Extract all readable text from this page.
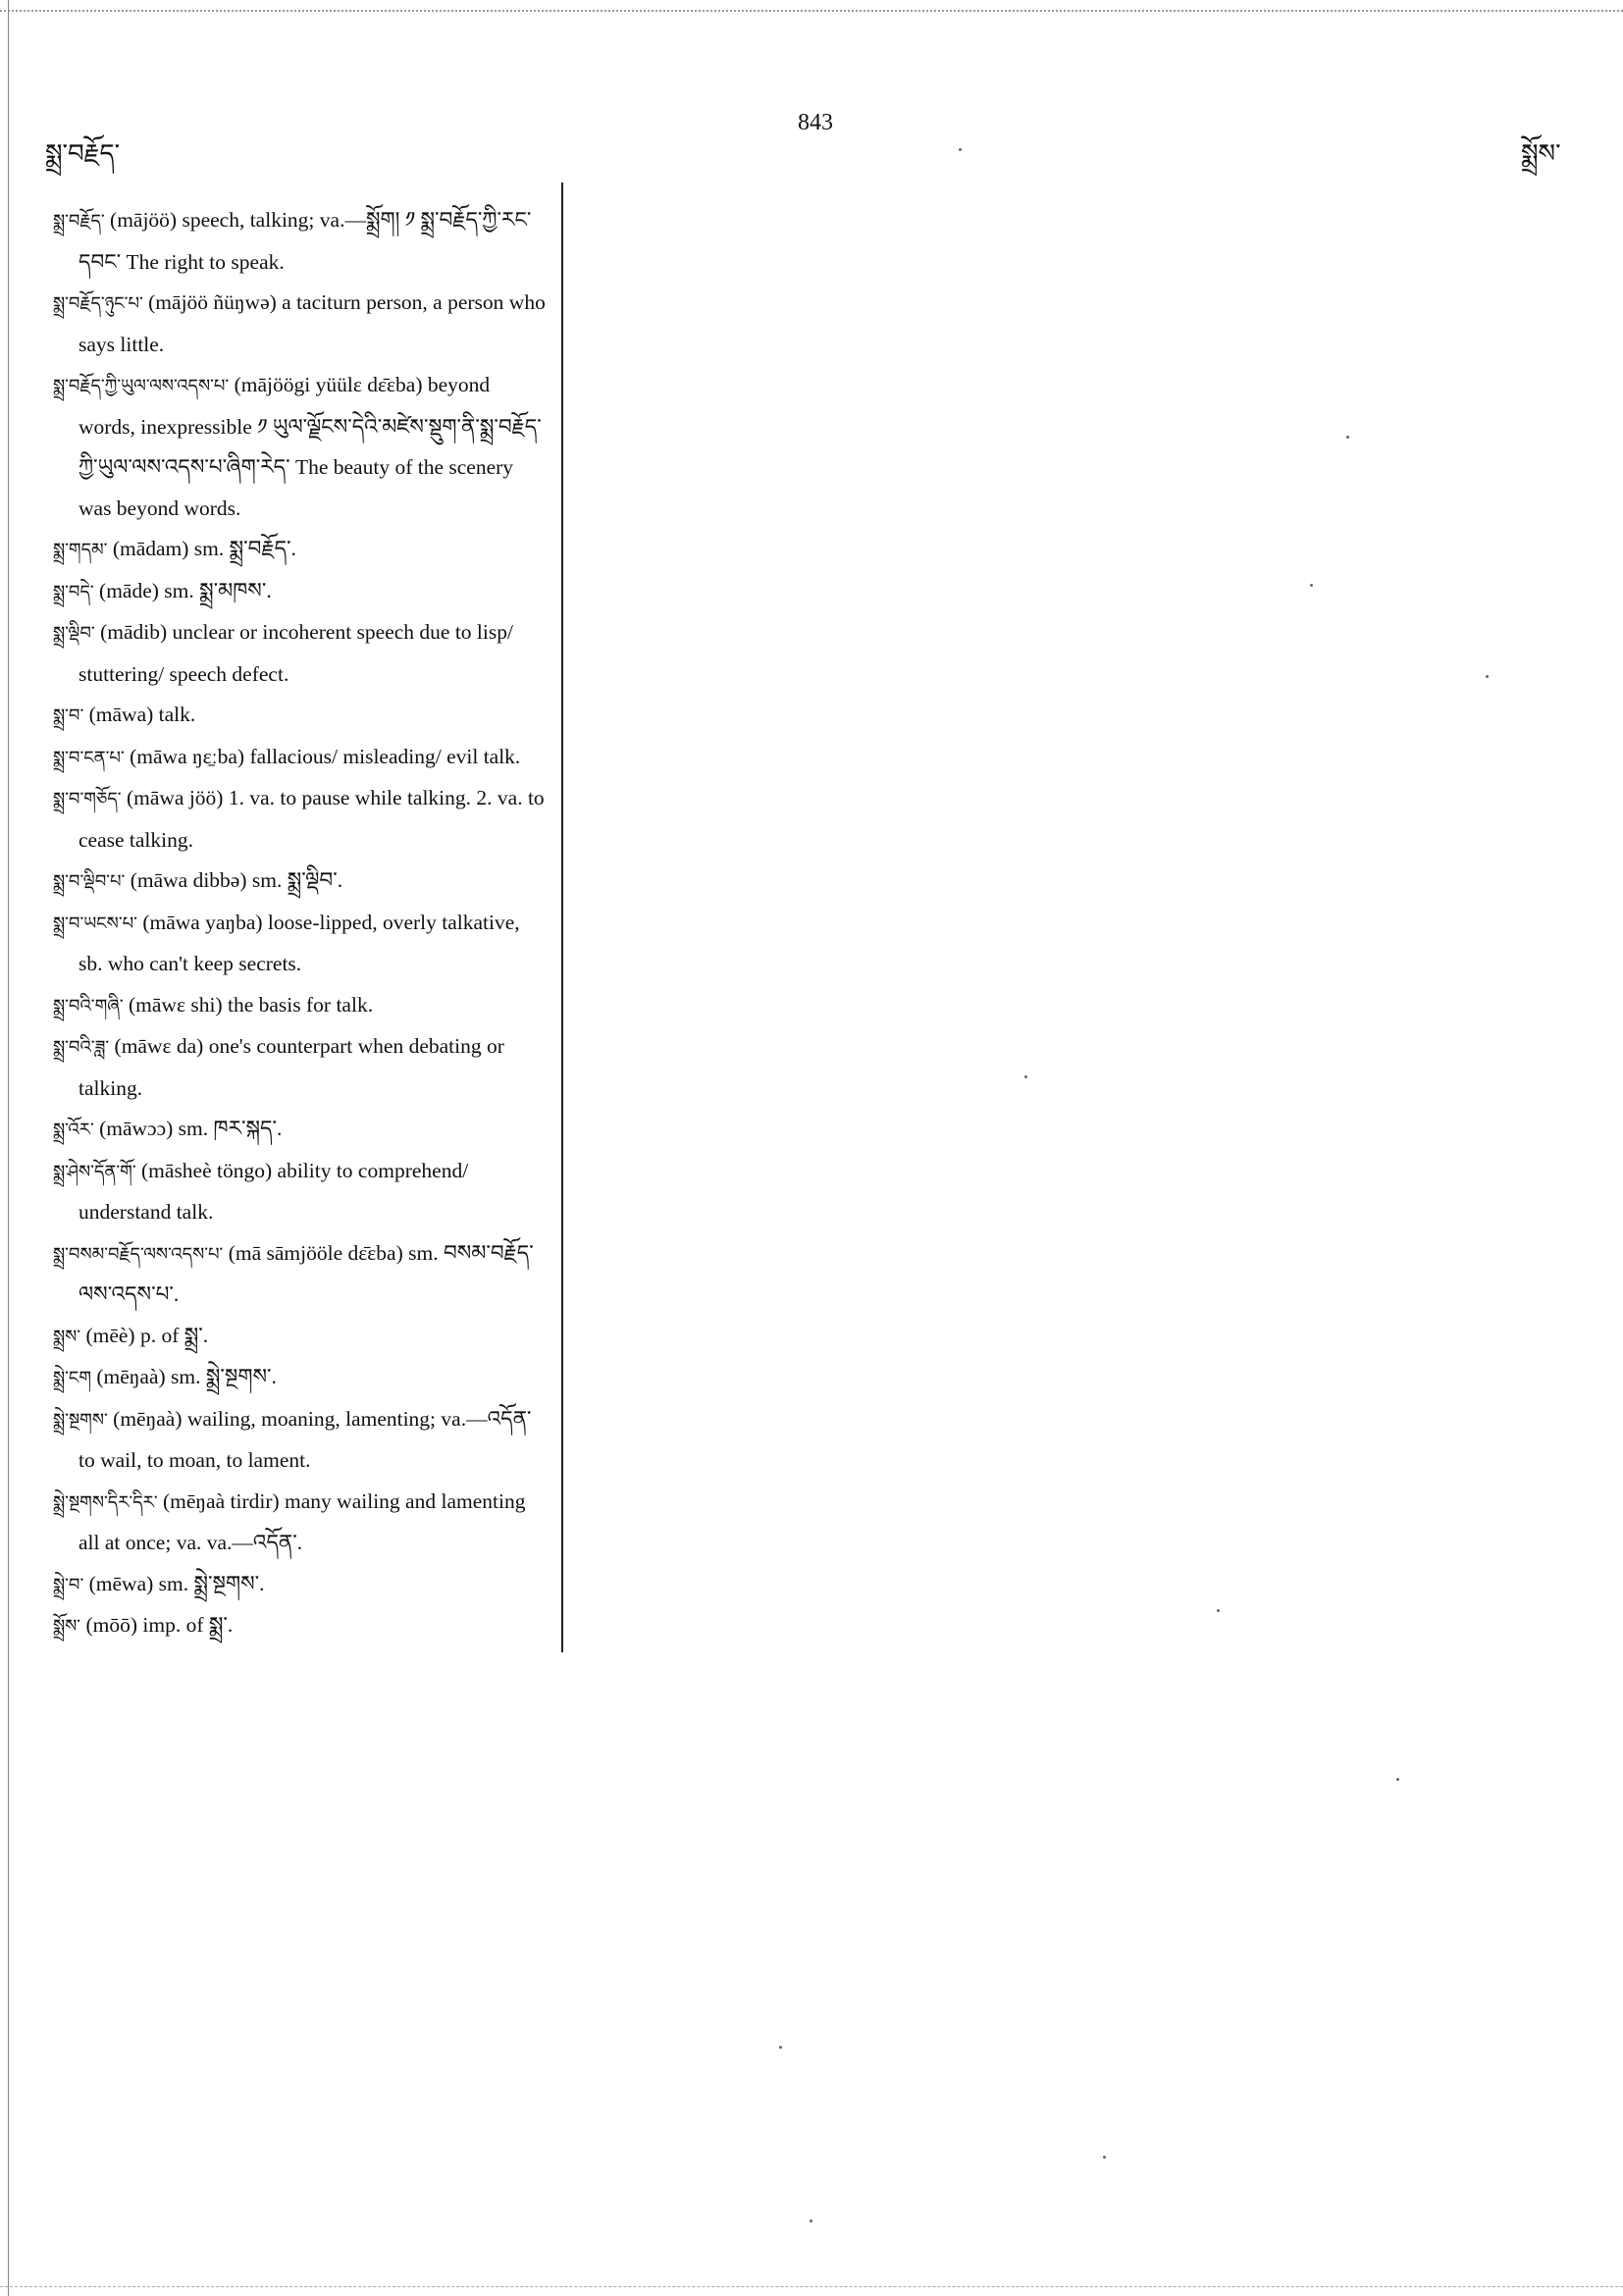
སྨྲ་བརྗོད་
843
སྨྲོས་

སྨྲ་བརྗོད་ (mājöö) speech, talking; va.—སྨྲོག། ༡ སྨྲ་བརྗོད་ཀྱི་རང་དབང་ The right to speak.

སྨྲ་བརྗོད་ཉུང་པ་ (mājöö ñüŋwə) a taciturn person, a person who says little.

སྨྲ་བརྗོད་ཀྱི་ཡུལ་ལས་འདས་པ་ (mājöögi yüülɛ dɛ̄ɛba) beyond words, inexpressible ༡ ཡུལ་ལྗོངས་དེའི་མཛེས་སྡུག་ནི་སྨྲ་བརྗོད་ཀྱི་ཡུལ་ལས་འདས་པ་ཞིག་རེད་ The beauty of the scenery was beyond words.

སྨྲ་གདམ་ (mādam) sm. སྨྲ་བརྗོད་.

སྨྲ་བདེ་ (māde) sm. སྨྲ་མཁས་.

སྨྲ་ལྡིབ་ (mādib) unclear or incoherent speech due to lisp/ stuttering/ speech defect.

སྨྲ་བ་ (māwa) talk.

སྨྲ་བ་ངན་པ་ (māwa ŋɛ̱ːba) fallacious/ misleading/ evil talk.

སྨྲ་བ་གཅོད་ (māwa jöö) 1. va. to pause while talking. 2. va. to cease talking.

སྨྲ་བ་ལྡིབ་པ་ (māwa dibbə) sm. སྨྲ་ལྡིབ་.

སྨྲ་བ་ཡངས་པ་ (māwa yaŋba) loose-lipped, overly talkative, sb. who can't keep secrets.

སྨྲ་བའི་གཞི་ (māwɛ shi) the basis for talk.

སྨྲ་བའི་ཟླ་ (māwɛ da) one's counterpart when debating or talking.

སྨྲ་འོར་ (māwɔɔ) sm. ཁར་སྐད་.

སྨྲ་ཤེས་དོན་གོ་ (māsheè töngo) ability to comprehend/ understand talk.

སྨྲ་བསམ་བརྗོད་ལས་འདས་པ་ (mā sāmjööle dɛ̄ɛba) sm. བསམ་བརྗོད་ལས་འདས་པ་.

སྨྲས་ (mēè) p. of སྨྲ་.

སྨྲེ་ངག (mēŋaà) sm. སྨྲེ་སྔགས་.

སྨྲེ་སྔགས་ (mēŋaà) wailing, moaning, lamenting; va.—འདོན་ to wail, to moan, to lament.

སྨྲེ་སྔགས་དིར་དིར་ (mēŋaà tirdir) many wailing and lamenting all at once; va. va.—འདོན་.

སྨྲེ་བ་ (mēwa) sm. སྨྲེ་སྔགས་.

སྨྲོས་ (mōō) imp. of སྨྲ་.
